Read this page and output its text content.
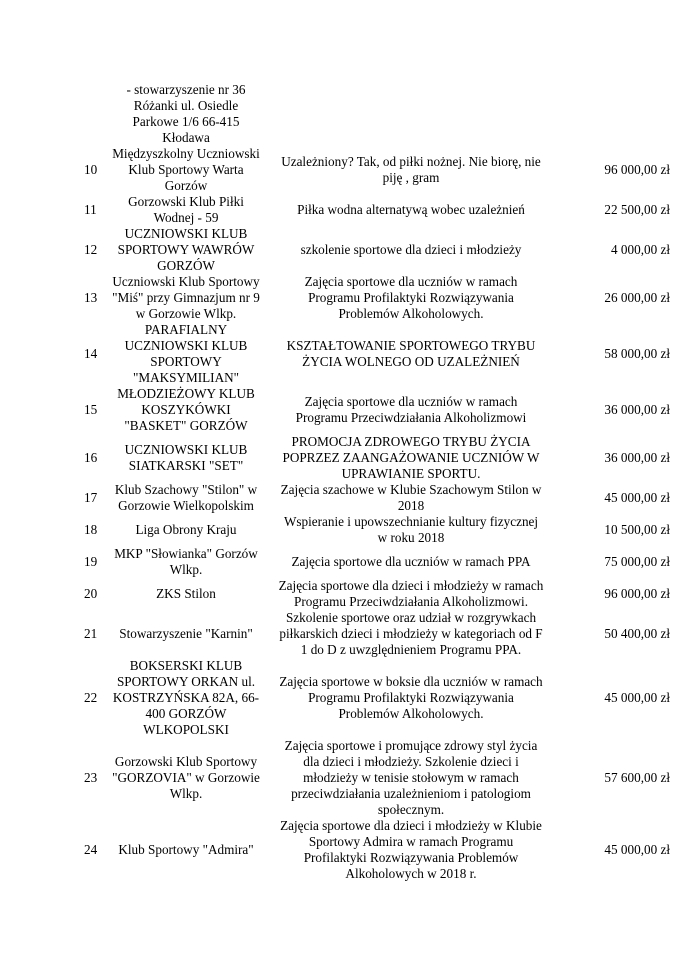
	- stowarzyszenie nr 36
Różanki ul. Osiedle
Parkowe 1/6 66-415
Kłodawa		

10	Międzyszkolny Uczniowski
Klub Sportowy Warta
Gorzów	Uzależniony? Tak, od piłki nożnej. Nie biorę, nie
piję , gram	96 000,00 zł
11	Gorzowski Klub Piłki
Wodnej - 59	Piłka wodna alternatywą wobec uzależnień	22 500,00 zł
12	UCZNIOWSKI KLUB
SPORTOWY WAWRÓW
GORZÓW	szkolenie sportowe dla dzieci i młodzieży	4 000,00 zł
13	Uczniowski Klub Sportowy
"Miś" przy Gimnazjum nr 9
w Gorzowie Wlkp.	Zajęcia sportowe dla uczniów w ramach
Programu Profilaktyki Rozwiązywania
Problemów Alkoholowych.	26 000,00 zł
14	PARAFIALNY
UCZNIOWSKI KLUB
SPORTOWY
"MAKSYMILIAN"	KSZTAŁTOWANIE SPORTOWEGO TRYBU
ŻYCIA WOLNEGO OD UZALEŻNIEŃ	58 000,00 zł
15	MŁODZIEŻOWY KLUB
KOSZYKÓWKI
"BASKET" GORZÓW	Zajęcia sportowe dla uczniów w ramach
Programu Przeciwdziałania Alkoholizmowi	36 000,00 zł
16	UCZNIOWSKI KLUB
SIATKARSKI "SET"	PROMOCJA ZDROWEGO TRYBU ŻYCIA
POPRZEZ ZAANGAŻOWANIE UCZNIÓW W
UPRAWIANIE SPORTU.	36 000,00 zł
17	Klub Szachowy "Stilon" w
Gorzowie Wielkopolskim	Zajęcia szachowe w Klubie Szachowym Stilon w
2018	45 000,00 zł
18	Liga Obrony Kraju	Wspieranie i upowszechnianie kultury fizycznej
w roku 2018	10 500,00 zł
19	MKP "Słowianka" Gorzów
Wlkp.	Zajęcia sportowe dla uczniów w ramach PPA	75 000,00 zł
20	ZKS Stilon	Zajęcia sportowe dla dzieci i młodzieży w ramach
Programu Przeciwdziałania Alkoholizmowi.	96 000,00 zł
21	Stowarzyszenie "Karnin"	Szkolenie sportowe oraz udział w rozgrywkach
piłkarskich dzieci i młodzieży w kategoriach od F
1 do D z uwzględnieniem Programu PPA.	50 400,00 zł
22	BOKSERSKI KLUB
SPORTOWY ORKAN ul.
KOSTRZYŃSKA 82A, 66-
400 GORZÓW
WLKOPOLSKI	Zajęcia sportowe w boksie dla uczniów w ramach
Programu Profilaktyki Rozwiązywania
Problemów Alkoholowych.	45 000,00 zł
23	Gorzowski Klub Sportowy
"GORZOVIA" w Gorzowie
Wlkp.	Zajęcia sportowe i promujące zdrowy styl życia
dla dzieci i młodzieży. Szkolenie dzieci i
młodzieży w tenisie stołowym w ramach
przeciwdziałania uzależnieniom i patologiom
społecznym.	57 600,00 zł
24	Klub Sportowy "Admira"	Zajęcia sportowe dla dzieci i młodzieży w Klubie
Sportowy Admira w ramach Programu
Profilaktyki Rozwiązywania Problemów
Alkoholowych w 2018 r.	45 000,00 zł
